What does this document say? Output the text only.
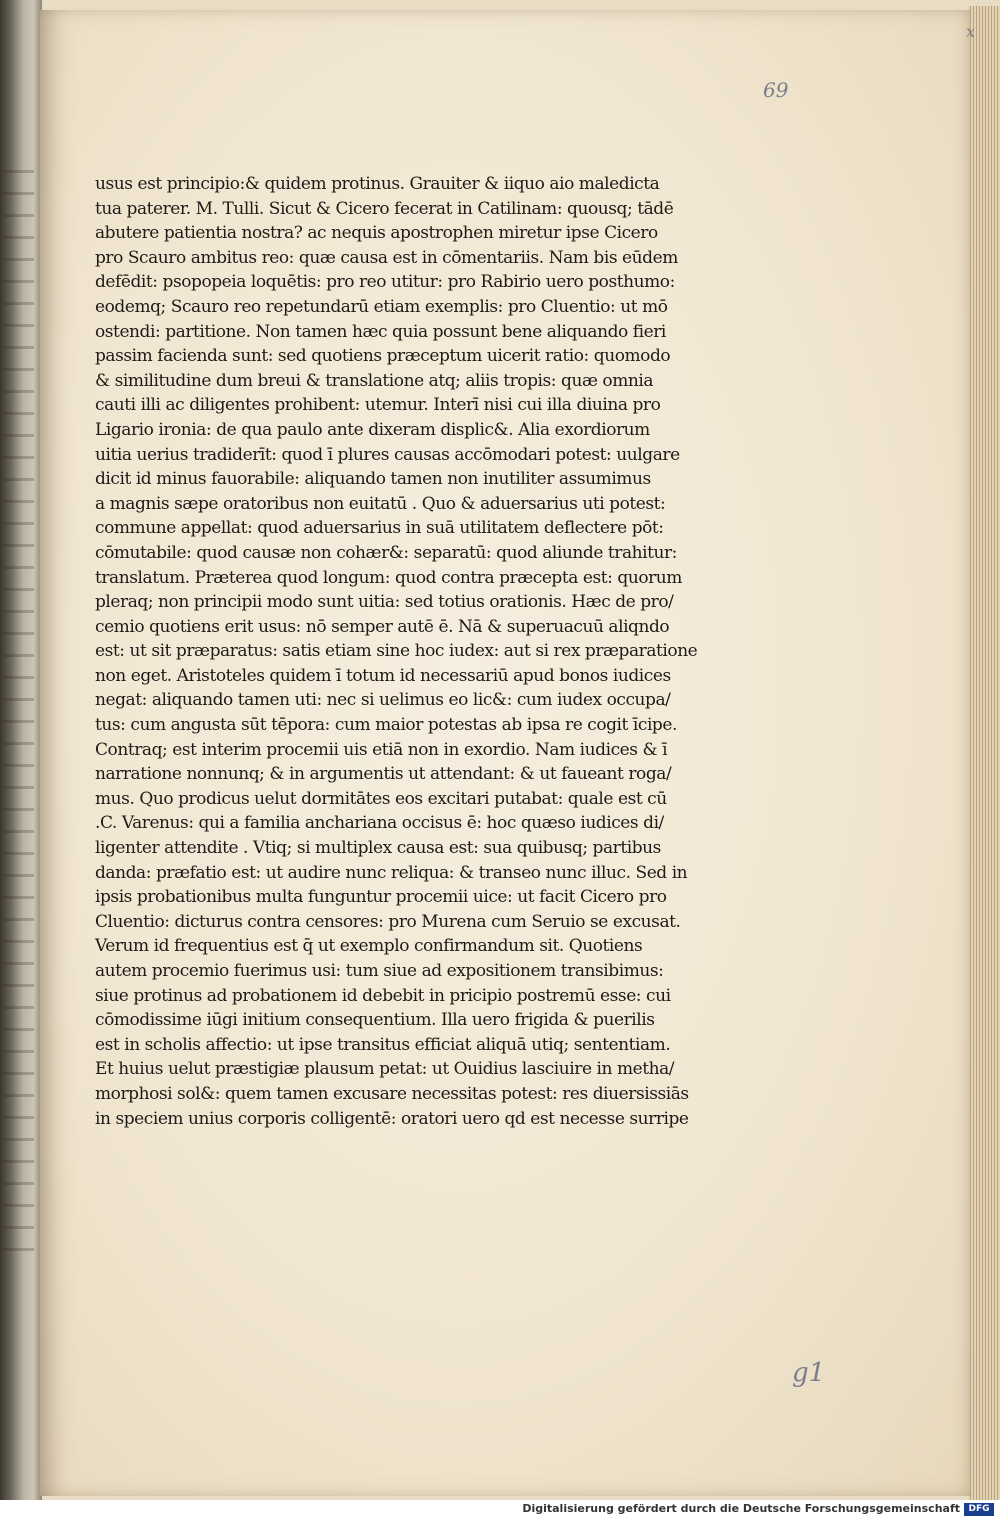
x
69
g1
usus est principio:& quidem protinus. Grauiter & iiquo aio maledicta
tua paterer. M. Tulli. Sicut & Cicero fecerat in Catilinam: quousq; tādē
abutere patientia nostra? ac nequis apostrophen miretur ipse Cicero
pro Scauro ambitus reo: quæ causa est in cōmentariis. Nam bis eūdem
defēdit: psopopeia loquētis: pro reo utitur: pro Rabirio uero posthumo:
eodemq; Scauro reo repetundarū etiam exemplis: pro Cluentio: ut mō
ostendi: partitione. Non tamen hæc quia possunt bene aliquando fieri
passim facienda sunt: sed quotiens præceptum uicerit ratio: quomodo
& similitudine dum breui & translatione atq; aliis tropis: quæ omnia
cauti illi ac diligentes prohibent: utemur. Interī nisi cui illa diuina pro
Ligario ironia: de qua paulo ante dixeram displic&. Alia exordiorum
uitia uerius tradiderīt: quod ī plures causas accōmodari potest: uulgare
dicit id minus fauorabile: aliquando tamen non inutiliter assumimus
a magnis sæpe oratoribus non euitatū . Quo & aduersarius uti potest:
commune appellat: quod aduersarius in suā utilitatem deflectere pōt:
cōmutabile: quod causæ non cohær&: separatū: quod aliunde trahitur:
translatum. Præterea quod longum: quod contra præcepta est: quorum
pleraq; non principii modo sunt uitia: sed totius orationis. Hæc de pro/
cemio quotiens erit usus: nō semper autē ē. Nā & superuacuū aliqndo
est: ut sit præparatus: satis etiam sine hoc iudex: aut si rex præparatione
non eget. Aristoteles quidem ī totum id necessariū apud bonos iudices
negat: aliquando tamen uti: nec si uelimus eo lic&: cum iudex occupa/
tus: cum angusta sūt tēpora: cum maior potestas ab ipsa re cogit īcipe.
Contraq; est interim procemii uis etiā non in exordio. Nam iudices & ī
narratione nonnunq; & in argumentis ut attendant: & ut faueant roga/
mus. Quo prodicus uelut dormitātes eos excitari putabat: quale est cū
.C. Varenus: qui a familia anchariana occisus ē: hoc quæso iudices di/
ligenter attendite . Vtiq; si multiplex causa est: sua quibusq; partibus
danda: præfatio est: ut audire nunc reliqua: & transeo nunc illuc. Sed in
ipsis probationibus multa funguntur procemii uice: ut facit Cicero pro
Cluentio: dicturus contra censores: pro Murena cum Seruio se excusat.
Verum id frequentius est q̄ ut exemplo confirmandum sit. Quotiens
autem procemio fuerimus usi: tum siue ad expositionem transibimus:
siue protinus ad probationem id debebit in pricipio postremū esse: cui
cōmodissime iūgi initium consequentium. Illa uero frigida & puerilis
est in scholis affectio: ut ipse transitus efficiat aliquā utiq; sententiam.
Et huius uelut præstigiæ plausum petat: ut Ouidius lasciuire in metha/
morphosi sol&: quem tamen excusare necessitas potest: res diuersissiās
in speciem unius corporis colligentē: oratori uero qd est necesse surripe
Digitalisierung gefördert durch die Deutsche Forschungsgemeinschaft DFG
